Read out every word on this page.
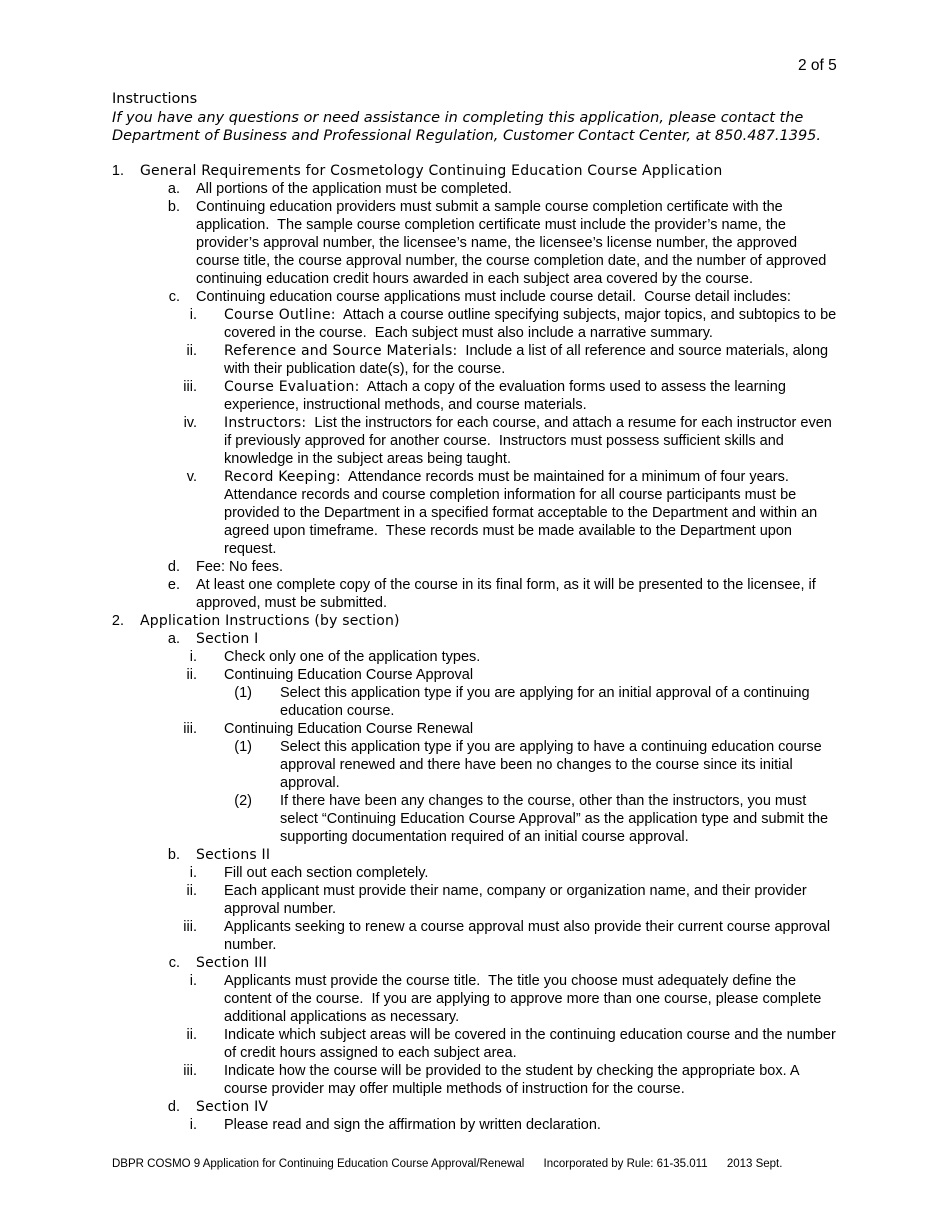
2 of 5
Instructions
If you have any questions or need assistance in completing this application, please contact the Department of Business and Professional Regulation, Customer Contact Center, at 850.487.1395.
1. General Requirements for Cosmetology Continuing Education Course Application
a. All portions of the application must be completed.
b. Continuing education providers must submit a sample course completion certificate with the application.  The sample course completion certificate must include the provider’s name, the provider’s approval number, the licensee’s name, the licensee’s license number, the approved course title, the course approval number, the course completion date, and the number of approved continuing education credit hours awarded in each subject area covered by the course.
c. Continuing education course applications must include course detail.  Course detail includes:
i. Course Outline:  Attach a course outline specifying subjects, major topics, and subtopics to be covered in the course.  Each subject must also include a narrative summary.
ii. Reference and Source Materials:  Include a list of all reference and source materials, along with their publication date(s), for the course.
iii. Course Evaluation:  Attach a copy of the evaluation forms used to assess the learning experience, instructional methods, and course materials.
iv. Instructors:  List the instructors for each course, and attach a resume for each instructor even if previously approved for another course.  Instructors must possess sufficient skills and knowledge in the subject areas being taught.
v. Record Keeping:  Attendance records must be maintained for a minimum of four years. Attendance records and course completion information for all course participants must be provided to the Department in a specified format acceptable to the Department and within an agreed upon timeframe.  These records must be made available to the Department upon request.
d. Fee: No fees.
e. At least one complete copy of the course in its final form, as it will be presented to the licensee, if approved, must be submitted.
2. Application Instructions (by section)
a. Section I
i. Check only one of the application types.
ii. Continuing Education Course Approval
(1) Select this application type if you are applying for an initial approval of a continuing education course.
iii. Continuing Education Course Renewal
(1) Select this application type if you are applying to have a continuing education course approval renewed and there have been no changes to the course since its initial approval.
(2) If there have been any changes to the course, other than the instructors, you must select “Continuing Education Course Approval” as the application type and submit the supporting documentation required of an initial course approval.
b. Sections II
i. Fill out each section completely.
ii. Each applicant must provide their name, company or organization name, and their provider approval number.
iii. Applicants seeking to renew a course approval must also provide their current course approval number.
c. Section III
i. Applicants must provide the course title.  The title you choose must adequately define the content of the course.  If you are applying to approve more than one course, please complete additional applications as necessary.
ii. Indicate which subject areas will be covered in the continuing education course and the number of credit hours assigned to each subject area.
iii. Indicate how the course will be provided to the student by checking the appropriate box. A course provider may offer multiple methods of instruction for the course.
d. Section IV
i. Please read and sign the affirmation by written declaration.
DBPR COSMO 9 Application for Continuing Education Course Approval/Renewal Incorporated by Rule: 61-35.011 2013 Sept.
